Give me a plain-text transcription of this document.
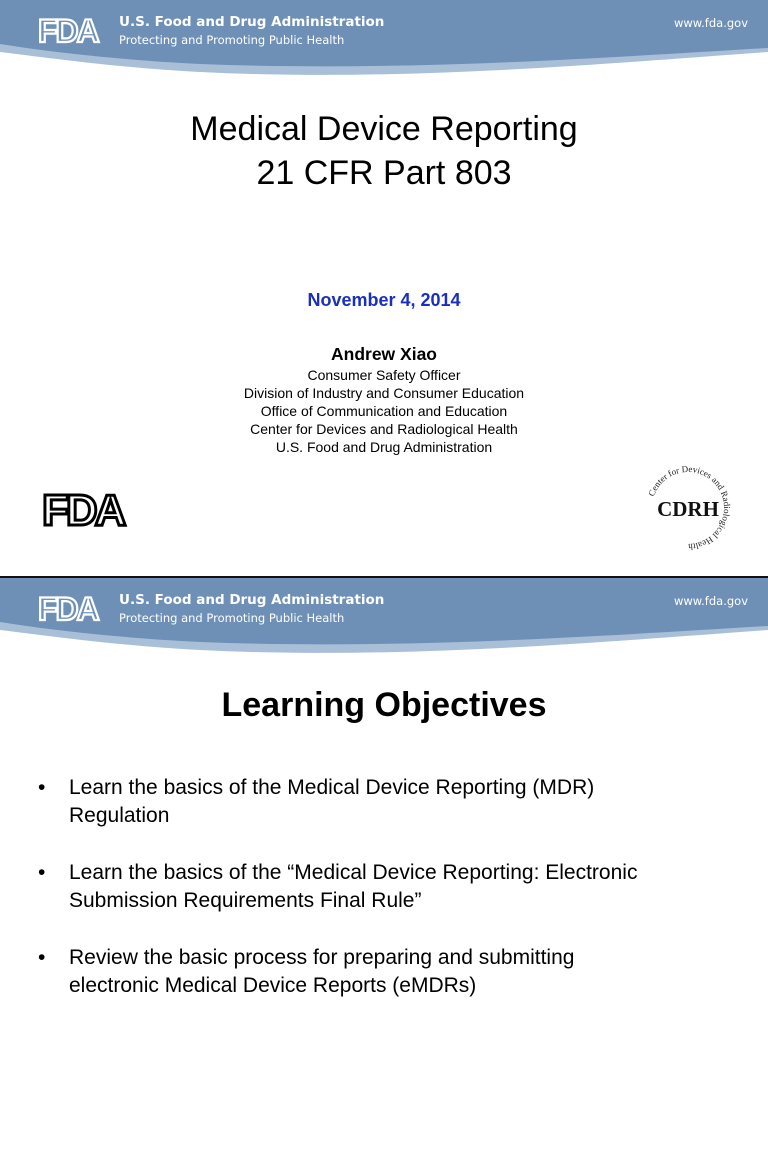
FDA U.S. Food and Drug Administration
Protecting and Promoting Public Health
www.fda.gov
Medical Device Reporting
21 CFR Part 803
November 4, 2014
Andrew Xiao
Consumer Safety Officer
Division of Industry and Consumer Education
Office of Communication and Education
Center for Devices and Radiological Health
U.S. Food and Drug Administration
FDA	Center for Devices and Radiological Health
CDRH
FDA U.S. Food and Drug Administration
Protecting and Promoting Public Health
www.fda.gov
Learning Objectives
• Learn the basics of the Medical Device Reporting (MDR)
Regulation
• Learn the basics of the “Medical Device Reporting: Electronic
Submission Requirements Final Rule”
• Review the basic process for preparing and submitting
electronic Medical Device Reports (eMDRs)
